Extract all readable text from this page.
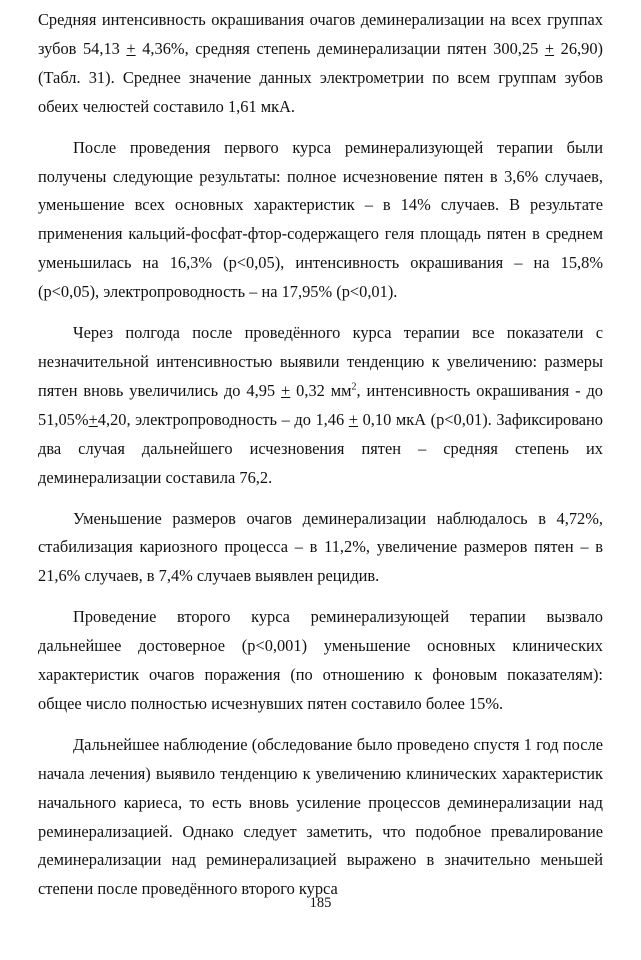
Средняя интенсивность окрашивания очагов деминерализации на всех группах зубов 54,13 + 4,36%, средняя степень деминерализации пятен 300,25 + 26,90) (Табл. 31). Среднее значение данных электрометрии по всем группам зубов обеих челюстей составило 1,61 мкА.

После проведения первого курса реминерализующей терапии были получены следующие результаты: полное исчезновение пятен в 3,6% случаев, уменьшение всех основных характеристик – в 14% случаев. В результате применения кальций-фосфат-фтор-содержащего геля площадь пятен в среднем уменьшилась на 16,3% (p<0,05), интенсивность окрашивания – на 15,8% (p<0,05), электропроводность – на 17,95% (p<0,01).

Через полгода после проведённого курса терапии все показатели с незначительной интенсивностью выявили тенденцию к увеличению: размеры пятен вновь увеличились до 4,95 + 0,32 $мм^2$, интенсивность окрашивания - до 51,05%+4,20, электропроводность – до 1,46 + 0,10 мкА (p<0,01). Зафиксировано два случая дальнейшего исчезновения пятен – средняя степень их деминерализации составила 76,2.

Уменьшение размеров очагов деминерализации наблюдалось в 4,72%, стабилизация кариозного процесса – в 11,2%, увеличение размеров пятен – в 21,6% случаев, в 7,4% случаев выявлен рецидив.

Проведение второго курса реминерализующей терапии вызвало дальнейшее достоверное (p<0,001) уменьшение основных клинических характеристик очагов поражения (по отношению к фоновым показателям): общее число полностью исчезнувших пятен составило более 15%.

Дальнейшее наблюдение (обследование было проведено спустя 1 год после начала лечения) выявило тенденцию к увеличению клинических характеристик начального кариеса, то есть вновь усиление процессов деминерализации над реминерализацией. Однако следует заметить, что подобное превалирование деминерализации над реминерализацией выражено в значительно меньшей степени после проведённого второго курса

185
